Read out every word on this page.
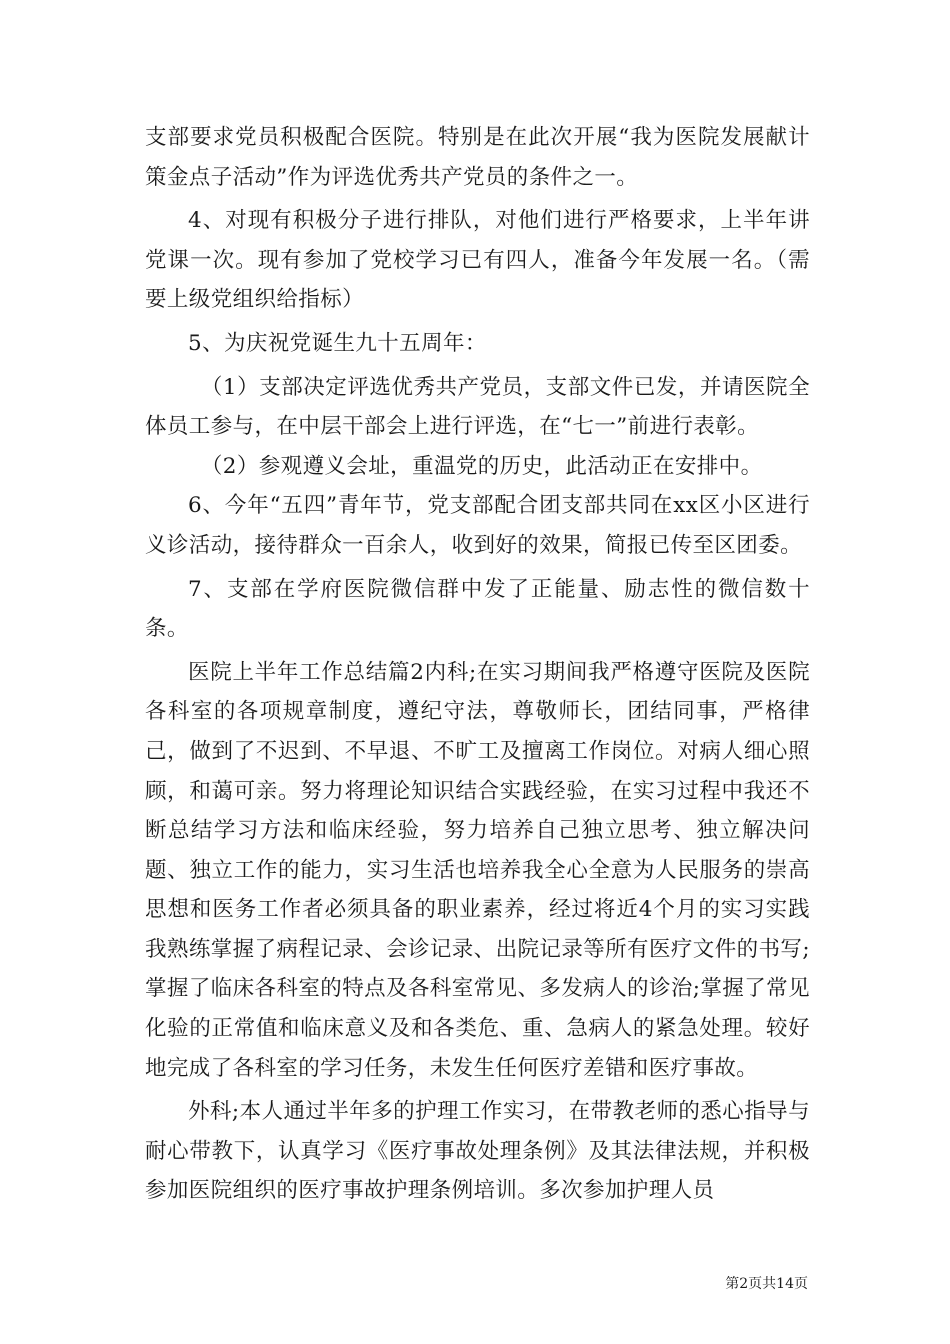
支部要求党员积极配合医院。特别是在此次开展“我为医院发展献计策金点子活动”作为评选优秀共产党员的条件之一。

4、对现有积极分子进行排队，对他们进行严格要求，上半年讲党课一次。现有参加了党校学习已有四人，准备今年发展一名。（需要上级党组织给指标）

5、为庆祝党诞生九十五周年：

（1）支部决定评选优秀共产党员，支部文件已发，并请医院全体员工参与，在中层干部会上进行评选，在“七一”前进行表彰。

（2）参观遵义会址，重温党的历史，此活动正在安排中。

6、今年“五四”青年节，党支部配合团支部共同在xx区小区进行义诊活动，接待群众一百余人，收到好的效果，简报已传至区团委。

7、支部在学府医院微信群中发了正能量、励志性的微信数十条。

医院上半年工作总结篇2内科;在实习期间我严格遵守医院及医院各科室的各项规章制度，遵纪守法，尊敬师长，团结同事，严格律己，做到了不迟到、不早退、不旷工及擅离工作岗位。对病人细心照顾，和蔼可亲。努力将理论知识结合实践经验，在实习过程中我还不断总结学习方法和临床经验，努力培养自己独立思考、独立解决问题、独立工作的能力，实习生活也培养我全心全意为人民服务的崇高思想和医务工作者必须具备的职业素养，经过将近4个月的实习实践我熟练掌握了病程记录、会诊记录、出院记录等所有医疗文件的书写;掌握了临床各科室的特点及各科室常见、多发病人的诊治;掌握了常见化验的正常值和临床意义及和各类危、重、急病人的紧急处理。较好地完成了各科室的学习任务，未发生任何医疗差错和医疗事故。

外科;本人通过半年多的护理工作实习，在带教老师的悉心指导与耐心带教下，认真学习《医疗事故处理条例》及其法律法规，并积极参加医院组织的医疗事故护理条例培训。多次参加护理人员

第2页共14页
